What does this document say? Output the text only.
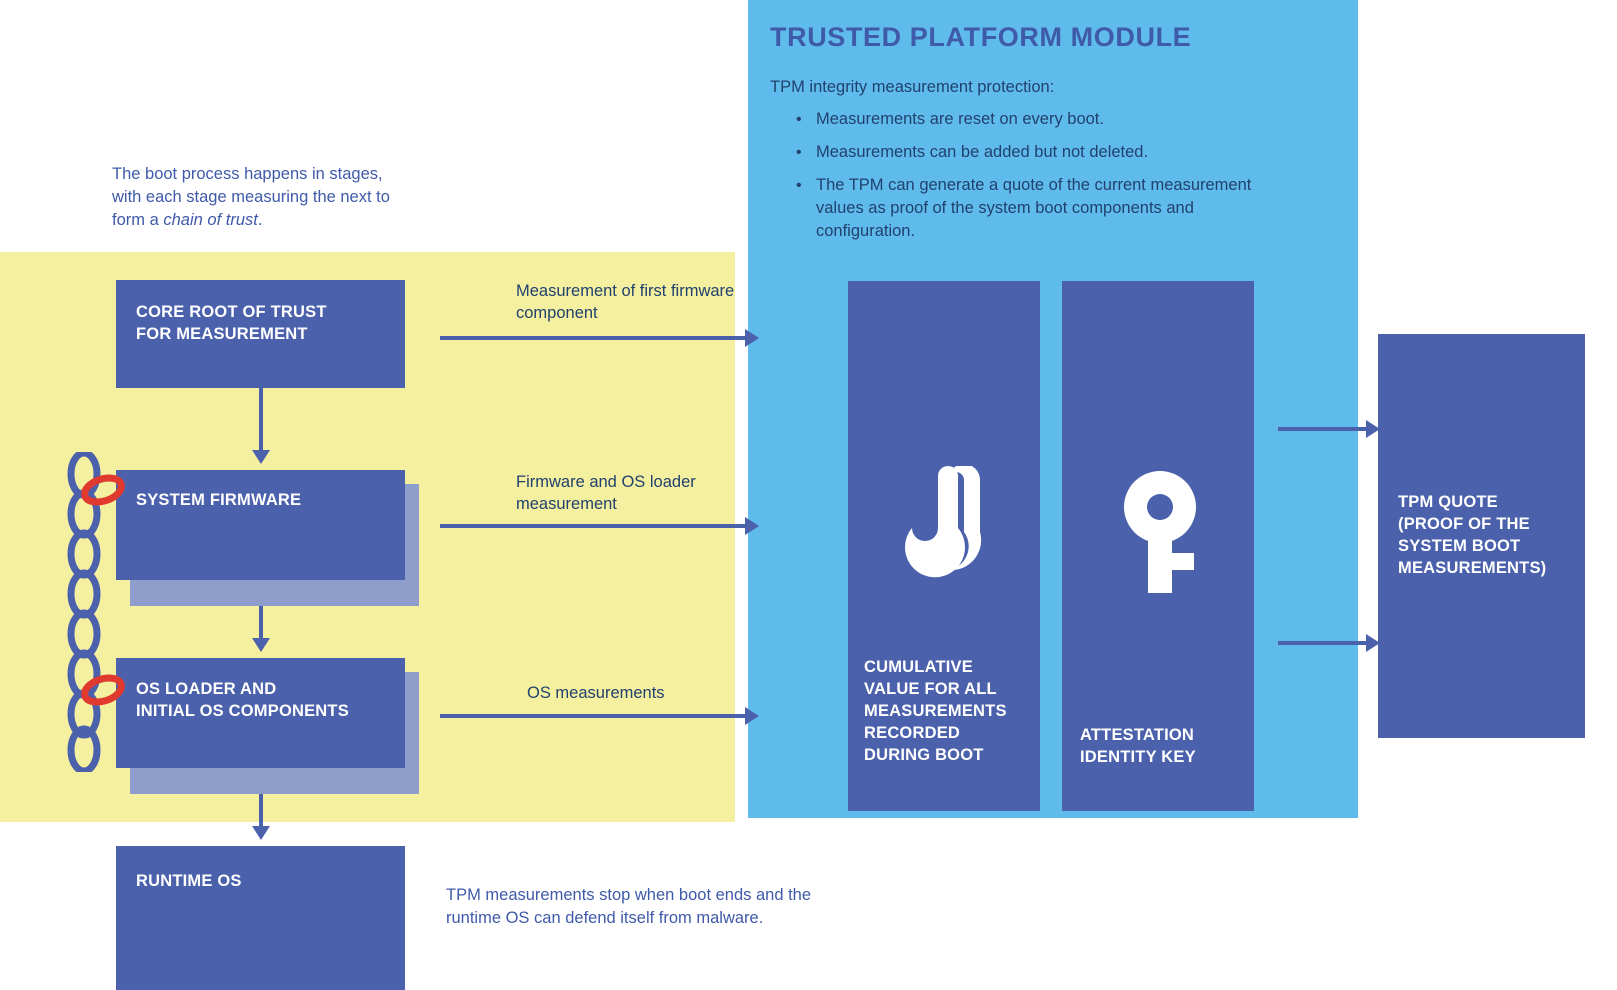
The boot process happens in stages,
with each stage measuring the next to
form a chain of trust.
TRUSTED PLATFORM MODULE
TPM integrity measurement protection:
• Measurements are reset on every boot.
• Measurements can be added but not deleted.
• The TPM can generate a quote of the current measurement values as proof of the system boot components and configuration.
CORE ROOT OF TRUST
FOR MEASUREMENT
SYSTEM FIRMWARE
OS LOADER AND
INITIAL OS COMPONENTS
RUNTIME OS
Measurement of first firmware component
Firmware and OS loader measurement
OS measurements
CUMULATIVE
VALUE FOR ALL
MEASUREMENTS
RECORDED
DURING BOOT
ATTESTATION
IDENTITY KEY
TPM QUOTE
(PROOF OF THE
SYSTEM BOOT
MEASUREMENTS)
TPM measurements stop when boot ends and the runtime OS can defend itself from malware.
